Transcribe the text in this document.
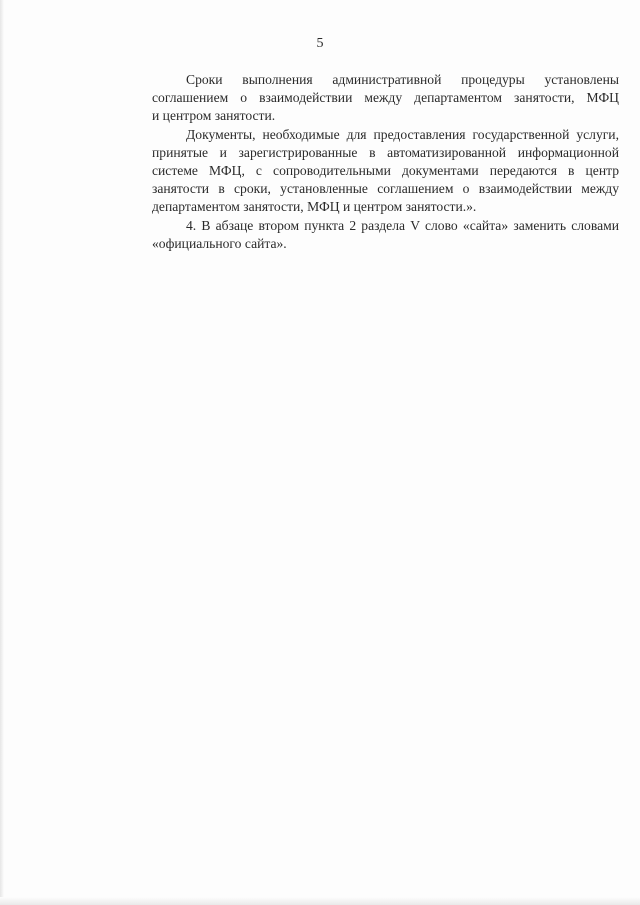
5
Сроки выполнения административной процедуры установлены
соглашением о взаимодействии между департаментом занятости, МФЦ
и центром занятости.
Документы, необходимые для предоставления государственной услуги,
принятые и зарегистрированные в автоматизированной информационной
системе МФЦ, с сопроводительными документами передаются в центр
занятости в сроки, установленные соглашением о взаимодействии между
департаментом занятости, МФЦ и центром занятости.».
4. В абзаце втором пункта 2 раздела V слово «сайта» заменить словами
«официального сайта».
